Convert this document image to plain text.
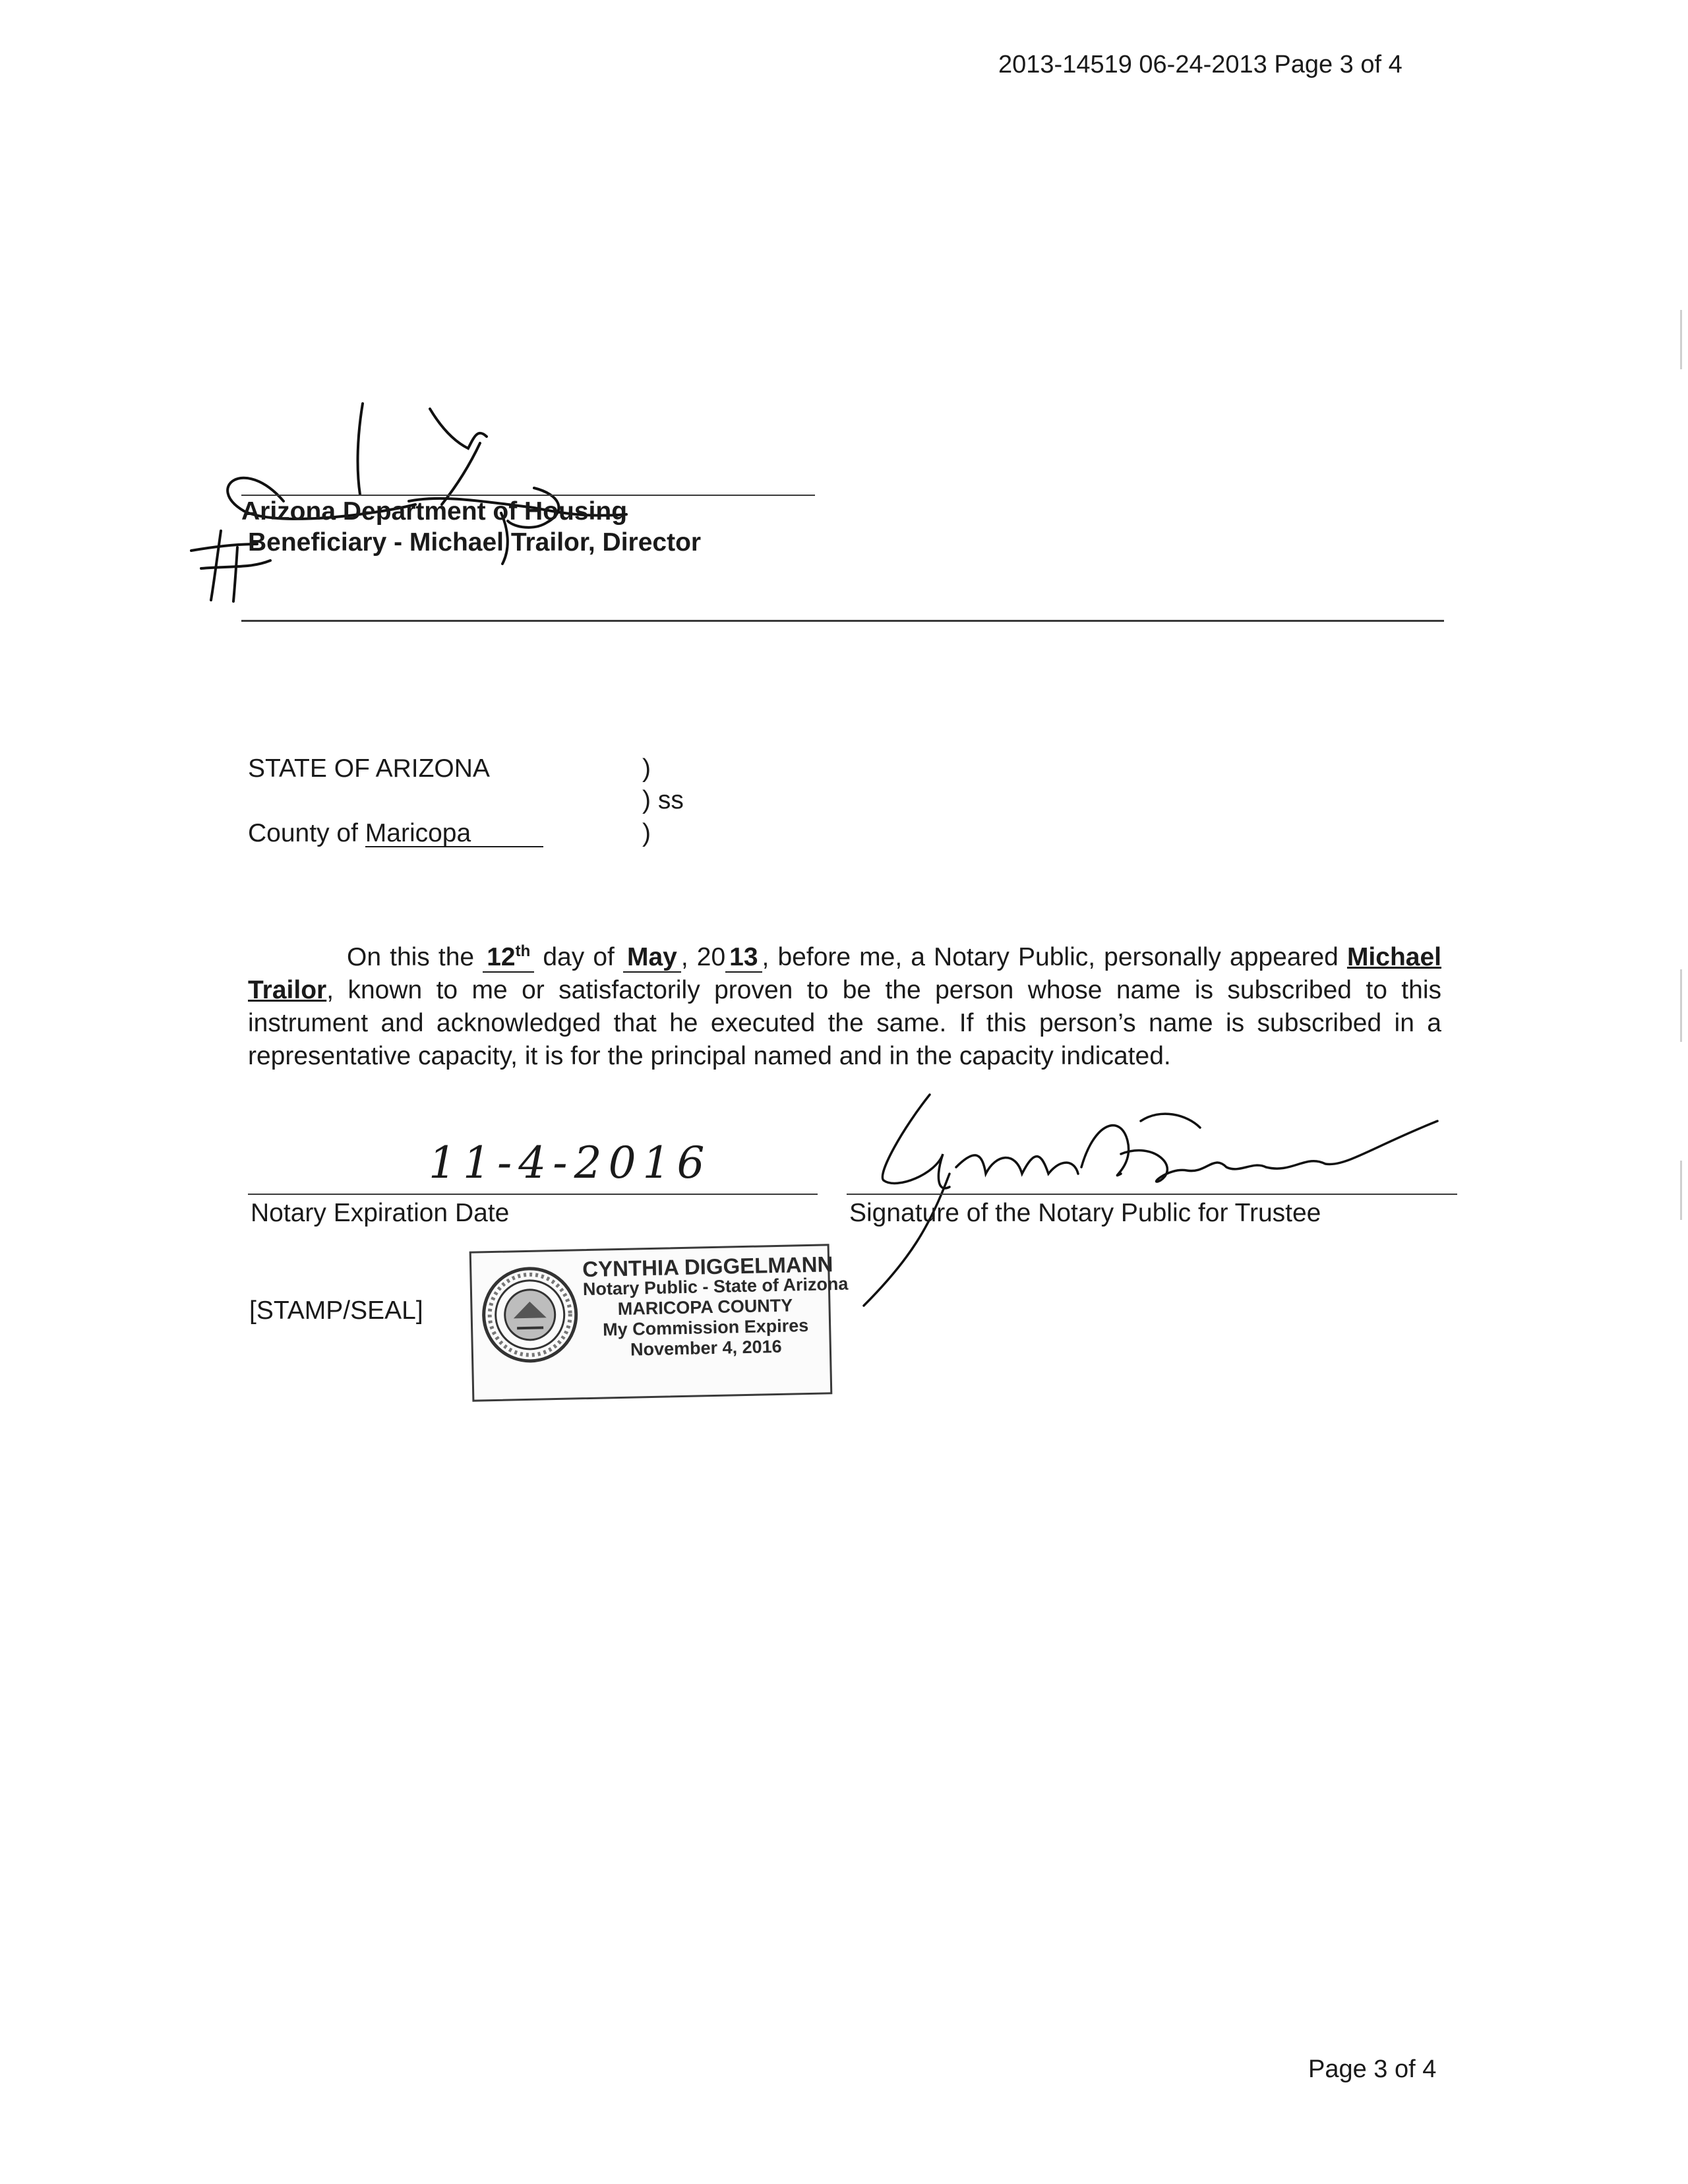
2013-14519 06-24-2013 Page 3 of 4
Arizona Department of Housing
Beneficiary - Michael Trailor, Director
STATE OF ARIZONA	)
) ss
County of Maricopa	)
On this the 12th day of May , 20 13 , before me, a Notary Public, personally appeared Michael Trailor, known to me or satisfactorily proven to be the person whose name is subscribed to this instrument and acknowledged that he executed the same. If this person’s name is subscribed in a representative capacity, it is for the principal named and in the capacity indicated.
11-4-2016
Notary Expiration Date	Signature of the Notary Public for Trustee
[STAMP/SEAL]
CYNTHIA DIGGELMANN
Notary Public - State of Arizona
MARICOPA COUNTY
My Commission Expires
November 4, 2016
Page 3 of 4
